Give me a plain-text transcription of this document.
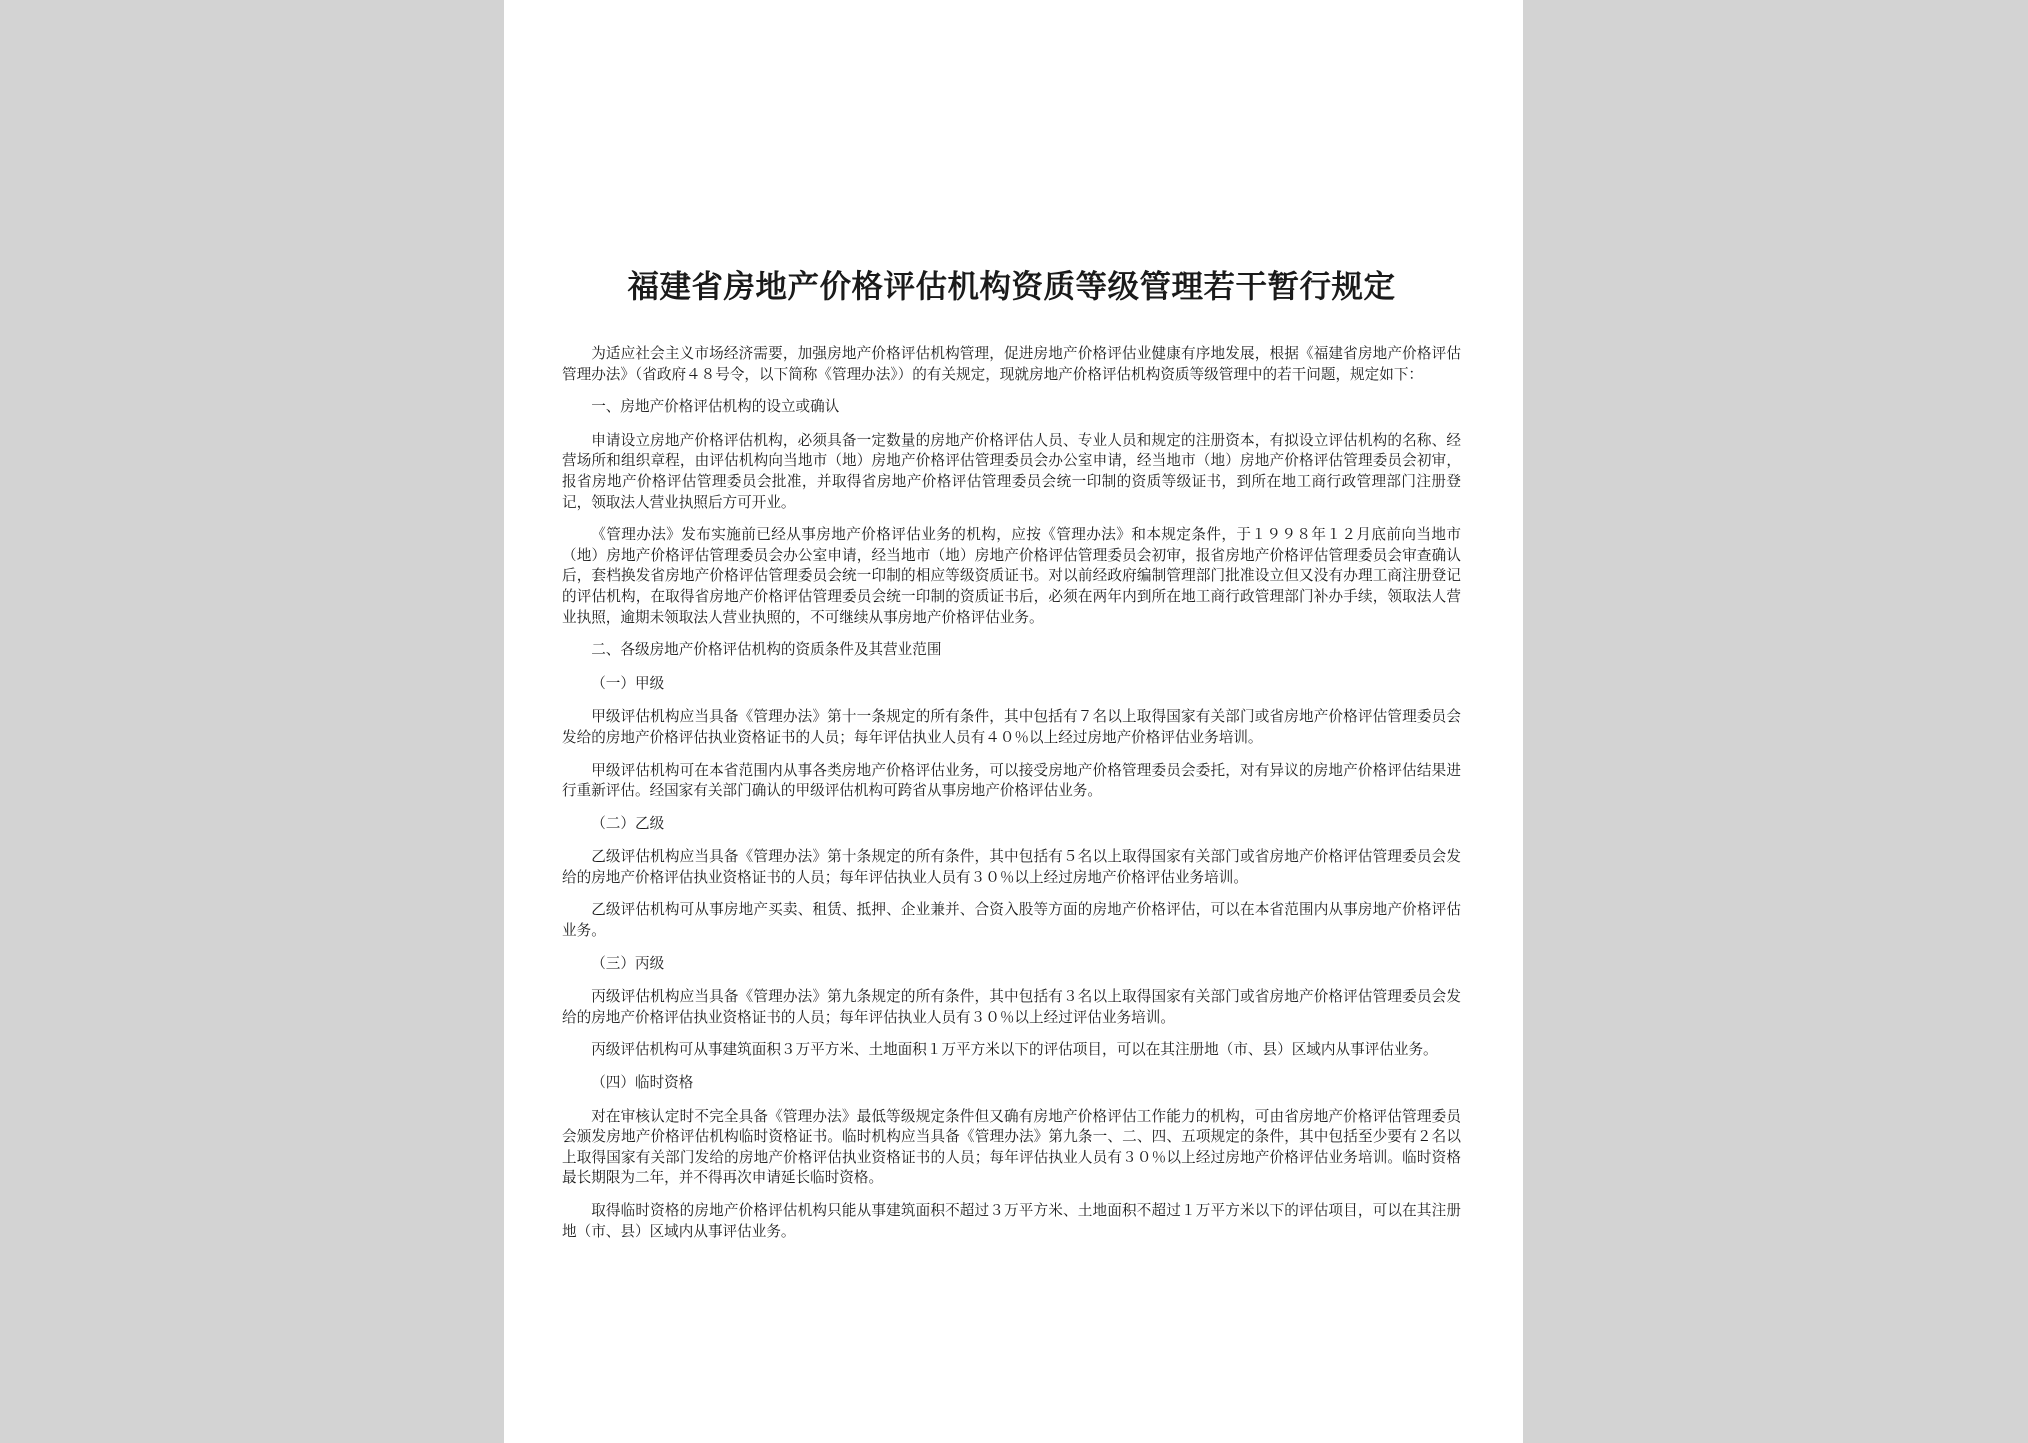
福建省房地产价格评估机构资质等级管理若干暂行规定

为适应社会主义市场经济需要，加强房地产价格评估机构管理，促进房地产价格评估业健康有序地发展，根据《福建省房地产价格评估管理办法》（省政府４８号令，以下简称《管理办法》）的有关规定，现就房地产价格评估机构资质等级管理中的若干问题，规定如下：

一、房地产价格评估机构的设立或确认

申请设立房地产价格评估机构，必须具备一定数量的房地产价格评估人员、专业人员和规定的注册资本，有拟设立评估机构的名称、经营场所和组织章程，由评估机构向当地市（地）房地产价格评估管理委员会办公室申请，经当地市（地）房地产价格评估管理委员会初审，报省房地产价格评估管理委员会批准，并取得省房地产价格评估管理委员会统一印制的资质等级证书，到所在地工商行政管理部门注册登记，领取法人营业执照后方可开业。

《管理办法》发布实施前已经从事房地产价格评估业务的机构，应按《管理办法》和本规定条件，于１９９８年１２月底前向当地市（地）房地产价格评估管理委员会办公室申请，经当地市（地）房地产价格评估管理委员会初审，报省房地产价格评估管理委员会审查确认后，套档换发省房地产价格评估管理委员会统一印制的相应等级资质证书。对以前经政府编制管理部门批准设立但又没有办理工商注册登记的评估机构，在取得省房地产价格评估管理委员会统一印制的资质证书后，必须在两年内到所在地工商行政管理部门补办手续，领取法人营业执照，逾期未领取法人营业执照的，不可继续从事房地产价格评估业务。

二、各级房地产价格评估机构的资质条件及其营业范围

（一）甲级

甲级评估机构应当具备《管理办法》第十一条规定的所有条件，其中包括有７名以上取得国家有关部门或省房地产价格评估管理委员会发给的房地产价格评估执业资格证书的人员；每年评估执业人员有４０％以上经过房地产价格评估业务培训。

甲级评估机构可在本省范围内从事各类房地产价格评估业务，可以接受房地产价格管理委员会委托，对有异议的房地产价格评估结果进行重新评估。经国家有关部门确认的甲级评估机构可跨省从事房地产价格评估业务。

（二）乙级

乙级评估机构应当具备《管理办法》第十条规定的所有条件，其中包括有５名以上取得国家有关部门或省房地产价格评估管理委员会发给的房地产价格评估执业资格证书的人员；每年评估执业人员有３０％以上经过房地产价格评估业务培训。

乙级评估机构可从事房地产买卖、租赁、抵押、企业兼并、合资入股等方面的房地产价格评估，可以在本省范围内从事房地产价格评估业务。

（三）丙级

丙级评估机构应当具备《管理办法》第九条规定的所有条件，其中包括有３名以上取得国家有关部门或省房地产价格评估管理委员会发给的房地产价格评估执业资格证书的人员；每年评估执业人员有３０％以上经过评估业务培训。

丙级评估机构可从事建筑面积３万平方米、土地面积１万平方米以下的评估项目，可以在其注册地（市、县）区域内从事评估业务。

（四）临时资格

对在审核认定时不完全具备《管理办法》最低等级规定条件但又确有房地产价格评估工作能力的机构，可由省房地产价格评估管理委员会颁发房地产价格评估机构临时资格证书。临时机构应当具备《管理办法》第九条一、二、四、五项规定的条件，其中包括至少要有２名以上取得国家有关部门发给的房地产价格评估执业资格证书的人员；每年评估执业人员有３０％以上经过房地产价格评估业务培训。临时资格最长期限为二年，并不得再次申请延长临时资格。

取得临时资格的房地产价格评估机构只能从事建筑面积不超过３万平方米、土地面积不超过１万平方米以下的评估项目，可以在其注册地（市、县）区域内从事评估业务。
